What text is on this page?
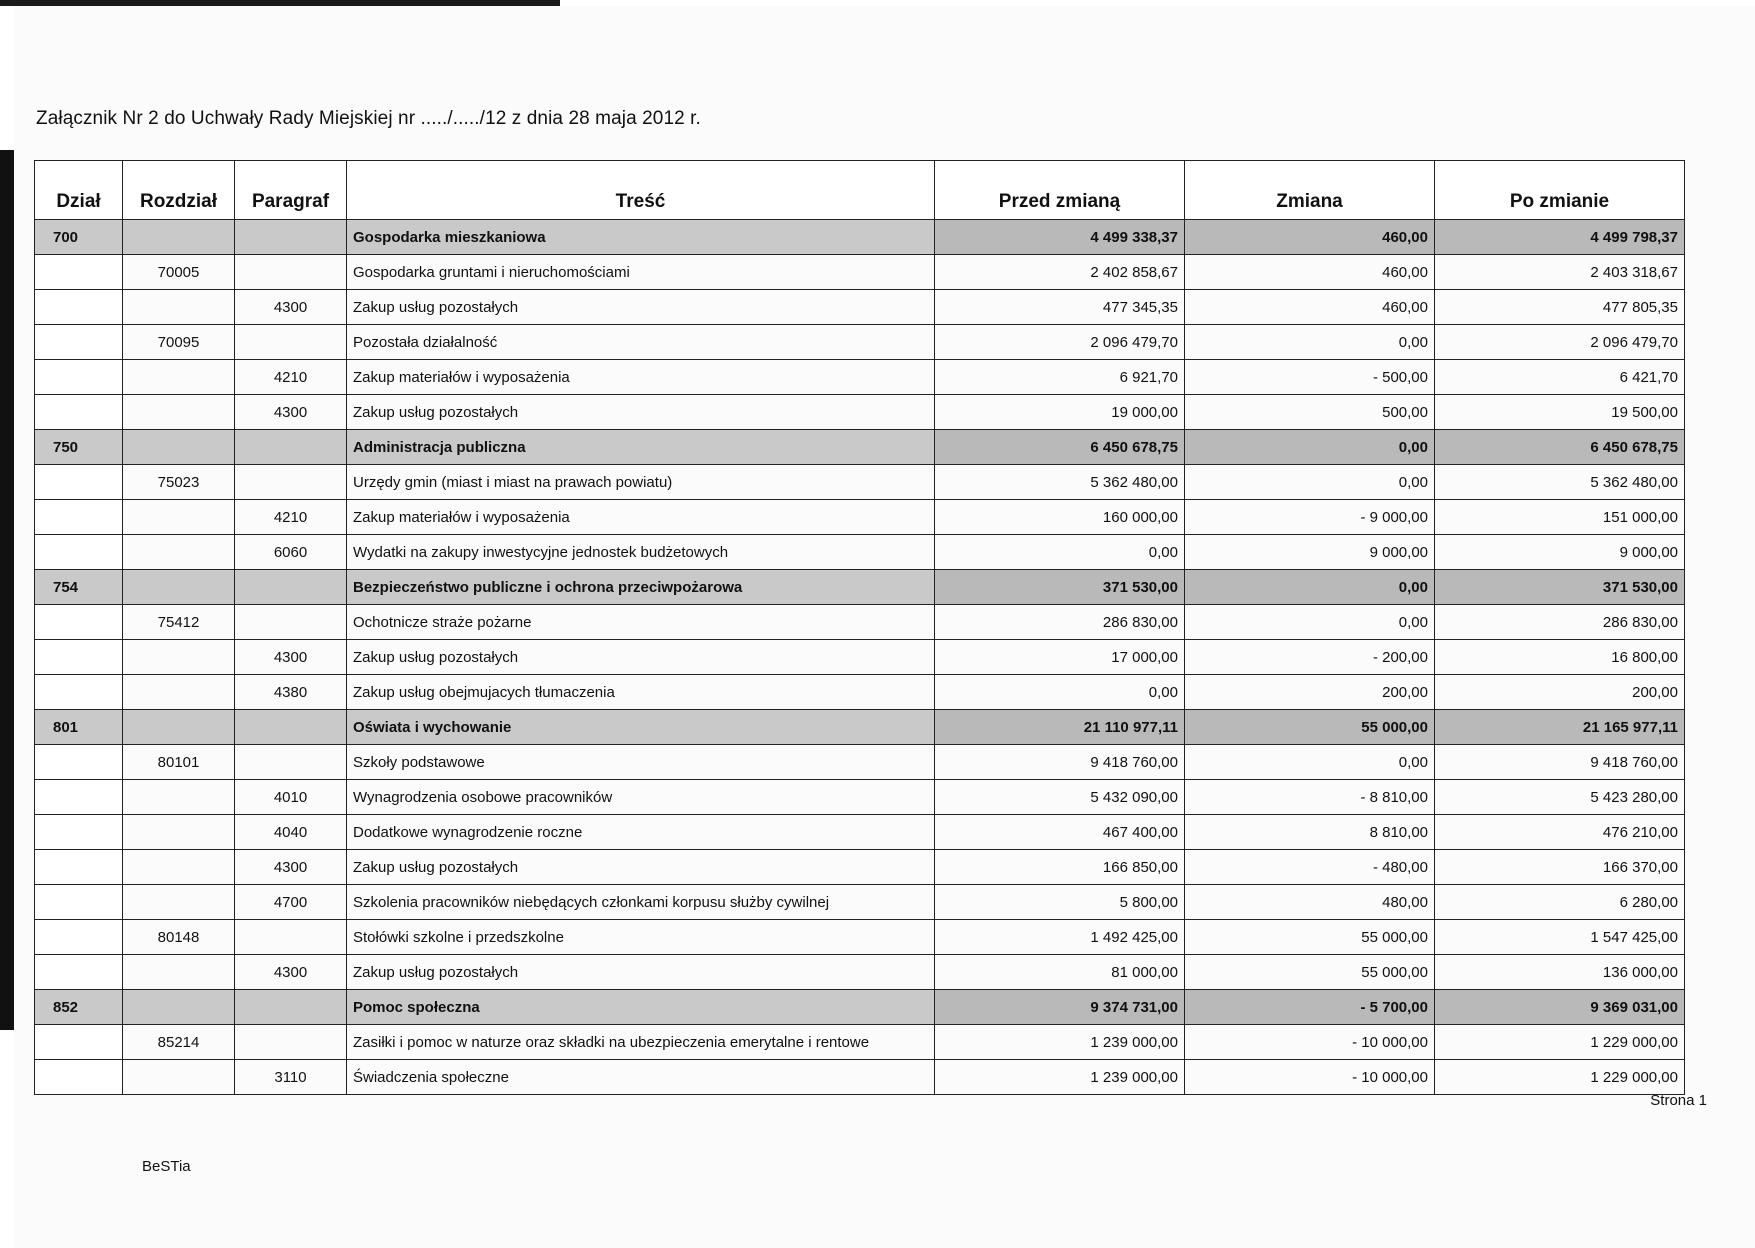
Załącznik Nr 2 do Uchwały Rady Miejskiej nr ...../...../12 z dnia 28 maja 2012 r.
Dział	Rozdział	Paragraf	Treść	Przed zmianą	Zmiana	Po zmianie
700			Gospodarka mieszkaniowa	4 499 338,37	460,00	4 499 798,37
	70005		Gospodarka gruntami i nieruchomościami	2 402 858,67	460,00	2 403 318,67
		4300	Zakup usług pozostałych	477 345,35	460,00	477 805,35
	70095		Pozostała działalność	2 096 479,70	0,00	2 096 479,70
		4210	Zakup materiałów i wyposażenia	6 921,70	- 500,00	6 421,70
		4300	Zakup usług pozostałych	19 000,00	500,00	19 500,00
750			Administracja publiczna	6 450 678,75	0,00	6 450 678,75
	75023		Urzędy gmin (miast i miast na prawach powiatu)	5 362 480,00	0,00	5 362 480,00
		4210	Zakup materiałów i wyposażenia	160 000,00	- 9 000,00	151 000,00
		6060	Wydatki na zakupy inwestycyjne jednostek budżetowych	0,00	9 000,00	9 000,00
754			Bezpieczeństwo publiczne i ochrona przeciwpożarowa	371 530,00	0,00	371 530,00
	75412		Ochotnicze straże pożarne	286 830,00	0,00	286 830,00
		4300	Zakup usług pozostałych	17 000,00	- 200,00	16 800,00
		4380	Zakup usług obejmujacych tłumaczenia	0,00	200,00	200,00
801			Oświata i wychowanie	21 110 977,11	55 000,00	21 165 977,11
	80101		Szkoły podstawowe	9 418 760,00	0,00	9 418 760,00
		4010	Wynagrodzenia osobowe pracowników	5 432 090,00	- 8 810,00	5 423 280,00
		4040	Dodatkowe wynagrodzenie roczne	467 400,00	8 810,00	476 210,00
		4300	Zakup usług pozostałych	166 850,00	- 480,00	166 370,00
		4700	Szkolenia pracowników niebędących członkami korpusu służby cywilnej	5 800,00	480,00	6 280,00
	80148		Stołówki szkolne i przedszkolne	1 492 425,00	55 000,00	1 547 425,00
		4300	Zakup usług pozostałych	81 000,00	55 000,00	136 000,00
852			Pomoc społeczna	9 374 731,00	- 5 700,00	9 369 031,00
	85214		Zasiłki i pomoc w naturze oraz składki na ubezpieczenia emerytalne i rentowe	1 239 000,00	- 10 000,00	1 229 000,00
		3110	Świadczenia społeczne	1 239 000,00	- 10 000,00	1 229 000,00
Strona 1
BeSTia
